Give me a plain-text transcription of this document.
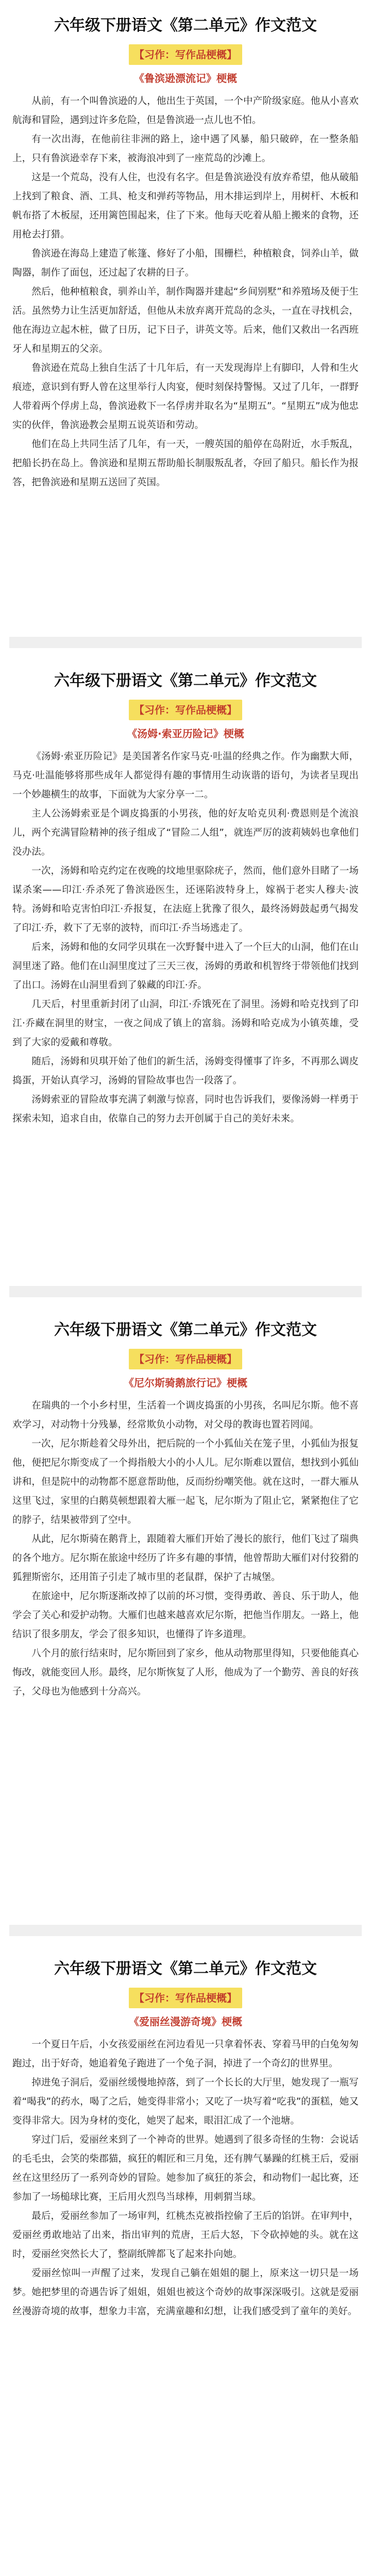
六年级下册语文《第二单元》作文范文
【习作：写作品梗概】
《鲁滨逊漂流记》梗概

从前，有一个叫鲁滨逊的人，他出生于英国，一个中产阶级家庭。他从小喜欢航海和冒险，遇到过许多危险，但是鲁滨逊一点儿也不怕。

有一次出海，在他前往非洲的路上，途中遇了风暴，船只破碎，在一整条船上，只有鲁滨逊幸存下来，被海浪冲到了一座荒岛的沙滩上。

这是一个荒岛，没有人住，也没有名字。但是鲁滨逊没有放弃希望，他从破船上找到了粮食、酒、工具、枪支和弹药等物品，用木排运到岸上，用树杆、木板和帆布搭了木板屋，还用篱笆围起来，住了下来。他每天吃着从船上搬来的食物，还用枪去打猎。

鲁滨逊在海岛上建造了帐篷、修好了小船，围栅栏，种植粮食，饲养山羊，做陶器，制作了面包，还过起了农耕的日子。

然后，他种植粮食，驯养山羊，制作陶器并建起“乡间别墅”和养殖场及便于生活。虽然势力让生活更加舒适，但他从未放弃离开荒岛的念头，一直在寻找机会，他在海边立起木桩，做了日历，记下日子，讲英文等。后来，他们又救出一名西班牙人和星期五的父亲。

鲁滨逊在荒岛上独自生活了十几年后，有一天发现海岸上有脚印，人骨和生火痕迹，意识到有野人曾在这里举行人肉宴，便时刻保持警惕。又过了几年，一群野人带着两个俘虏上岛，鲁滨逊救下一名俘虏并取名为“星期五”。“星期五”成为他忠实的伙伴，鲁滨逊教会星期五说英语和劳动。

他们在岛上共同生活了几年，有一天，一艘英国的船停在岛附近，水手叛乱，把船长扔在岛上。鲁滨逊和星期五帮助船长制服叛乱者，夺回了船只。船长作为报答，把鲁滨逊和星期五送回了英国。

六年级下册语文《第二单元》作文范文
【习作：写作品梗概】
《汤姆·索亚历险记》梗概

《汤姆·索亚历险记》是美国著名作家马克·吐温的经典之作。作为幽默大师，马克·吐温能够将那些成年人都觉得有趣的事情用生动诙谐的语句，为读者呈现出一个妙趣横生的故事，下面就为大家分享一二。

主人公汤姆索亚是个调皮捣蛋的小男孩，他的好友哈克贝利·费恩则是个流浪儿，两个充满冒险精神的孩子组成了“冒险二人组”，就连严厉的波莉姨妈也拿他们没办法。

一次，汤姆和哈克约定在夜晚的坟地里驱除疣子，然而，他们意外目睹了一场谋杀案——印江·乔杀死了鲁滨逊医生，还诬陷波特身上，嫁祸于老实人穆夫·波特。汤姆和哈克害怕印江·乔报复，在法庭上犹豫了很久，最终汤姆鼓起勇气揭发了印江·乔，救下了无辜的波特，而印江·乔当场逃走了。

后来，汤姆和他的女同学贝琪在一次野餐中进入了一个巨大的山洞，他们在山洞里迷了路。他们在山洞里度过了三天三夜，汤姆的勇敢和机智终于带领他们找到了出口。汤姆在山洞里看到了躲藏的印江·乔。

几天后，村里重新封闭了山洞，印江·乔饿死在了洞里。汤姆和哈克找到了印江·乔藏在洞里的财宝，一夜之间成了镇上的富翁。汤姆和哈克成为小镇英雄，受到了大家的爱戴和尊敬。

随后，汤姆和贝琪开始了他们的新生活，汤姆变得懂事了许多，不再那么调皮捣蛋，开始认真学习，汤姆的冒险故事也告一段落了。

汤姆索亚的冒险故事充满了刺激与惊喜，同时也告诉我们，要像汤姆一样勇于探索未知，追求自由，依靠自己的努力去开创属于自己的美好未来。

六年级下册语文《第二单元》作文范文
【习作：写作品梗概】
《尼尔斯骑鹅旅行记》梗概

在瑞典的一个小乡村里，生活着一个调皮捣蛋的小男孩，名叫尼尔斯。他不喜欢学习，对动物十分残暴，经常欺负小动物，对父母的教诲也置若罔闻。

一次，尼尔斯趁着父母外出，把后院的一个小狐仙关在笼子里，小狐仙为报复他，便把尼尔斯变成了一个拇指般大小的小人儿。尼尔斯难以置信，想找到小狐仙讲和，但是院中的动物都不愿意帮助他，反而纷纷嘲笑他。就在这时，一群大雁从这里飞过，家里的白鹅莫顿想跟着大雁一起飞，尼尔斯为了阻止它，紧紧抱住了它的脖子，结果被带到了空中。

从此，尼尔斯骑在鹅背上，跟随着大雁们开始了漫长的旅行，他们飞过了瑞典的各个地方。尼尔斯在旅途中经历了许多有趣的事情，他曾帮助大雁们对付狡猾的狐狸斯密尔，还用笛子引走了城市里的老鼠群，保护了古城堡。

在旅途中，尼尔斯逐渐改掉了以前的坏习惯，变得勇敢、善良、乐于助人，他学会了关心和爱护动物。大雁们也越来越喜欢尼尔斯，把他当作朋友。一路上，他结识了很多朋友，学会了很多知识，也懂得了许多道理。

八个月的旅行结束时，尼尔斯回到了家乡，他从动物那里得知，只要他能真心悔改，就能变回人形。最终，尼尔斯恢复了人形，他成为了一个勤劳、善良的好孩子，父母也为他感到十分高兴。

六年级下册语文《第二单元》作文范文
【习作：写作品梗概】
《爱丽丝漫游奇境》梗概

一个夏日午后，小女孩爱丽丝在河边看见一只拿着怀表、穿着马甲的白兔匆匆跑过，出于好奇，她追着兔子跑进了一个兔子洞，掉进了一个奇幻的世界里。

掉进兔子洞后，爱丽丝缓慢地掉落，到了一个长长的大厅里，她发现了一瓶写着“喝我”的药水，喝了之后，她变得非常小；又吃了一块写着“吃我”的蛋糕，她又变得非常大。因为身材的变化，她哭了起来，眼泪汇成了一个池塘。

穿过门后，爱丽丝来到了一个神奇的世界。她遇到了很多奇怪的生物：会说话的毛毛虫，会笑的柴郡猫，疯狂的帽匠和三月兔，还有脾气暴躁的红桃王后，爱丽丝在这里经历了一系列奇妙的冒险。她参加了疯狂的茶会，和动物们一起比赛，还参加了一场槌球比赛，王后用火烈鸟当球棒，用刺猬当球。

最后，爱丽丝参加了一场审判，红桃杰克被指控偷了王后的馅饼。在审判中，爱丽丝勇敢地站了出来，指出审判的荒唐，王后大怒，下令砍掉她的头。就在这时，爱丽丝突然长大了，整副纸牌都飞了起来扑向她。

爱丽丝惊叫一声醒了过来，发现自己躺在姐姐的腿上，原来这一切只是一场梦。她把梦里的奇遇告诉了姐姐，姐姐也被这个奇妙的故事深深吸引。这就是爱丽丝漫游奇境的故事，想象力丰富，充满童趣和幻想，让我们感受到了童年的美好。
